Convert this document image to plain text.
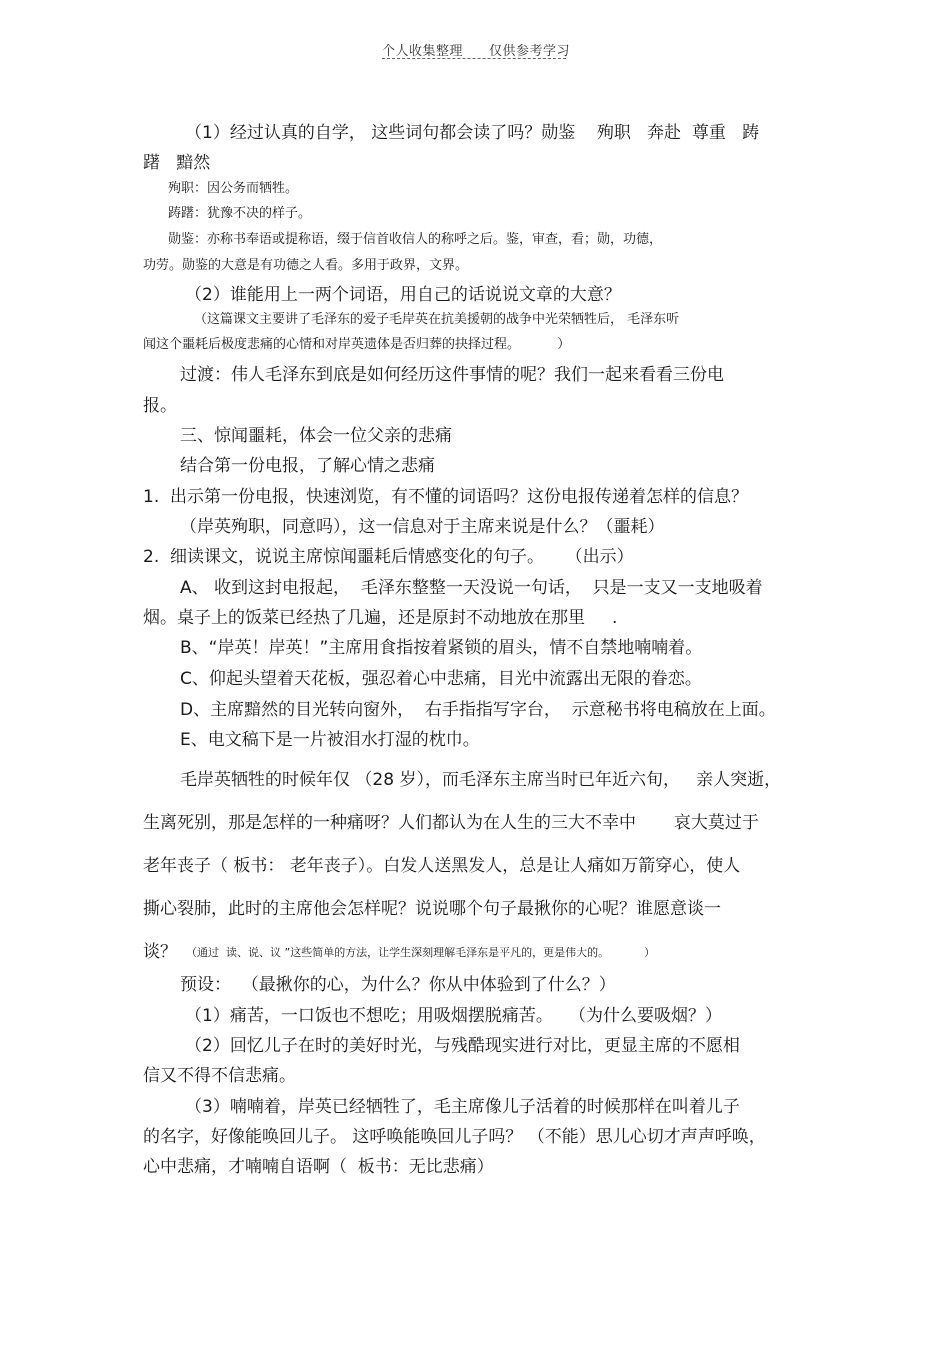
个人收集整理 仅供参考学习
（1）经过认真的自学， 这些词句都会读了吗？勋鉴    殉职   奔赴  尊重   踌
躇   黯然
殉职：因公务而牺牲。
踌躇：犹豫不决的样子。
勋鉴：亦称书奉语或提称语，缀于信首收信人的称呼之后。鉴，审查，看；勋，功德，
功劳。勋鉴的大意是有功德之人看。多用于政界，文界。
（2）谁能用上一两个词语，用自己的话说说文章的大意？
（这篇课文主要讲了毛泽东的爱子毛岸英在抗美援朝的战争中光荣牺牲后， 毛泽东听
闻这个噩耗后极度悲痛的心情和对岸英遗体是否归葬的抉择过程。         ）
过渡：伟人毛泽东到底是如何经历这件事情的呢？我们一起来看看三份电
报。
三、惊闻噩耗，体会一位父亲的悲痛
结合第一份电报，了解心情之悲痛
1.  出示第一份电报，快速浏览，有不懂的词语吗？这份电报传递着怎样的信息？
（岸英殉职，同意吗），这一信息对于主席来说是什么？（噩耗）
2.  细读课文，说说主席惊闻噩耗后情感变化的句子。    （出示）
A、 收到这封电报起，  毛泽东整整一天没说一句话，  只是一支又一支地吸着
烟。桌子上的饭菜已经热了几遍，还是原封不动地放在那里     .
B、“岸英！岸英！”主席用食指按着紧锁的眉头，情不自禁地喃喃着。
C、仰起头望着天花板，强忍着心中悲痛，目光中流露出无限的眷恋。
D、主席黯然的目光转向窗外，  右手指指写字台，  示意秘书将电稿放在上面。
E、电文稿下是一片被泪水打湿的枕巾。
毛岸英牺牲的时候年仅 （28 岁），而毛泽东主席当时已年近六旬，   亲人突逝，
生离死别，那是怎样的一种痛呀？人们都认为在人生的三大不幸中       哀大莫过于
老年丧子（ 板书： 老年丧子）。白发人送黑发人，总是让人痛如万箭穿心，使人
撕心裂肺，此时的主席他会怎样呢？说说哪个句子最揪你的心呢？谁愿意谈一
谈？ （通过  读、说、议 ”这些简单的方法，让学生深刻理解毛泽东是平凡的，更是伟大的。          ）
预设：  （最揪你的心，为什么？你从中体验到了什么？）
（1）痛苦，一口饭也不想吃；用吸烟摆脱痛苦。   （为什么要吸烟？）
（2）回忆儿子在时的美好时光，与残酷现实进行对比，更显主席的不愿相
信又不得不信悲痛。
（3）喃喃着，岸英已经牺牲了，毛主席像儿子活着的时候那样在叫着儿子
的名字，好像能唤回儿子。 这呼唤能唤回儿子吗？ （不能）思儿心切才声声呼唤，
心中悲痛，才喃喃自语啊（  板书：无比悲痛）
